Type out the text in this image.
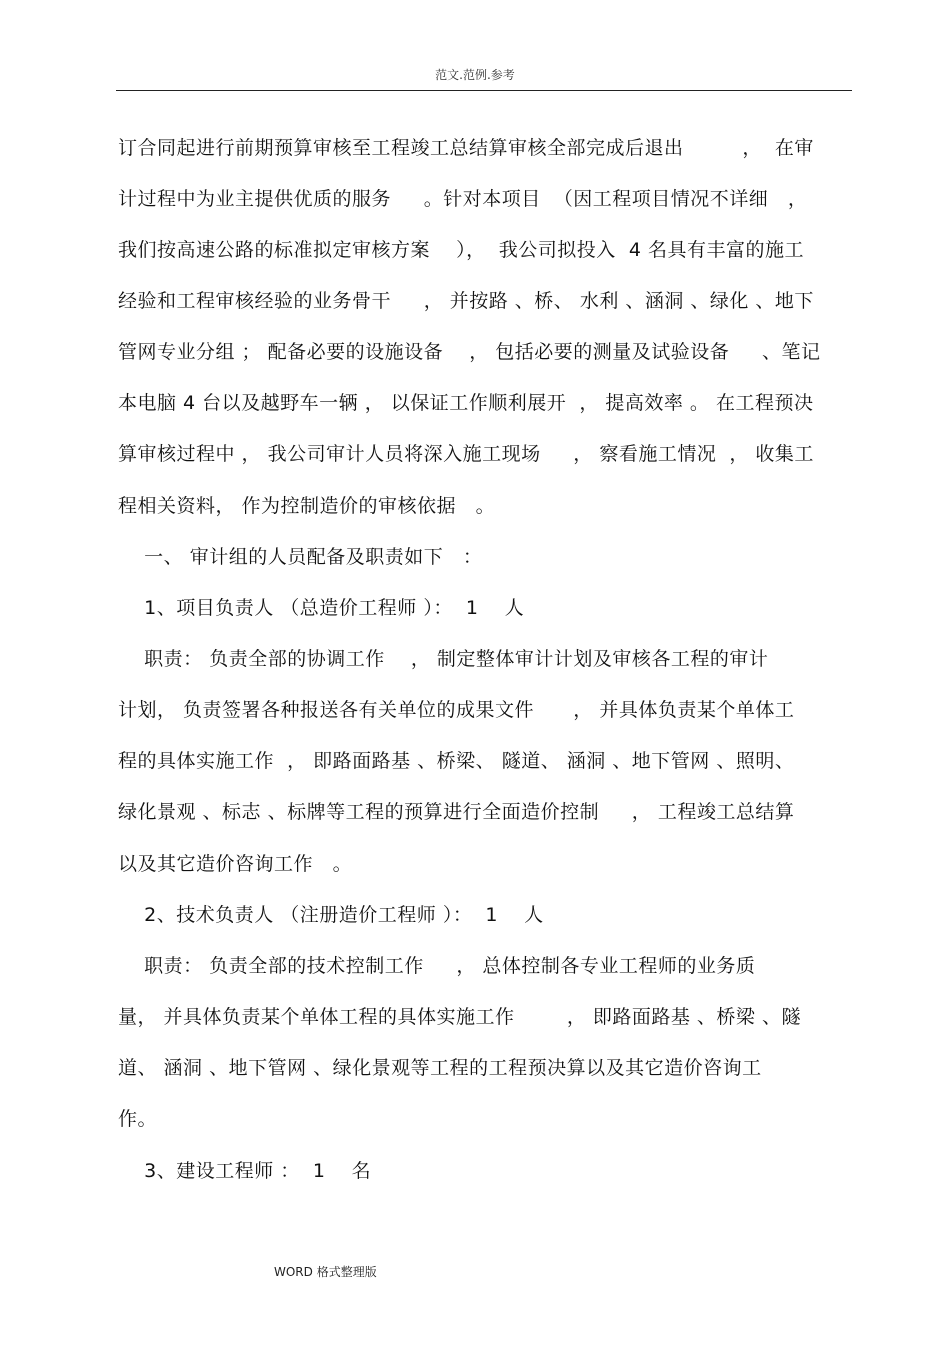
范文.范例.参考
订合同起进行前期预算审核至工程竣工总结算审核全部完成后退出         ，  在审
计过程中为业主提供优质的服务     。针对本项目  （因工程项目情况不详细   ，
我们按高速公路的标准拟定审核方案    ），  我公司拟投入  4 名具有丰富的施工
经验和工程审核经验的业务骨干     ， 并按路 、桥、 水利 、涵洞 、绿化 、地下
管网专业分组 ； 配备必要的设施设备    ， 包括必要的测量及试验设备     、笔记
本电脑 4 台以及越野车一辆 ， 以保证工作顺利展开  ， 提高效率 。 在工程预决
算审核过程中 ， 我公司审计人员将深入施工现场     ， 察看施工情况  ， 收集工
程相关资料， 作为控制造价的审核依据   。
一、 审计组的人员配备及职责如下   ：
1、项目负责人 （总造价工程师 ）：  1    人
职责： 负责全部的协调工作    ， 制定整体审计计划及审核各工程的审计
计划， 负责签署各种报送各有关单位的成果文件      ， 并具体负责某个单体工
程的具体实施工作  ， 即路面路基 、桥梁、 隧道、 涵洞 、地下管网 、照明、
绿化景观 、标志 、标牌等工程的预算进行全面造价控制     ， 工程竣工总结算
以及其它造价咨询工作   。
2、技术负责人 （注册造价工程师 ）：  1    人
职责： 负责全部的技术控制工作     ， 总体控制各专业工程师的业务质
量， 并具体负责某个单体工程的具体实施工作        ， 即路面路基 、桥梁 、隧
道、 涵洞 、地下管网 、绿化景观等工程的工程预决算以及其它造价咨询工
作。
3、建设工程师 ：  1    名
WORD 格式整理版
